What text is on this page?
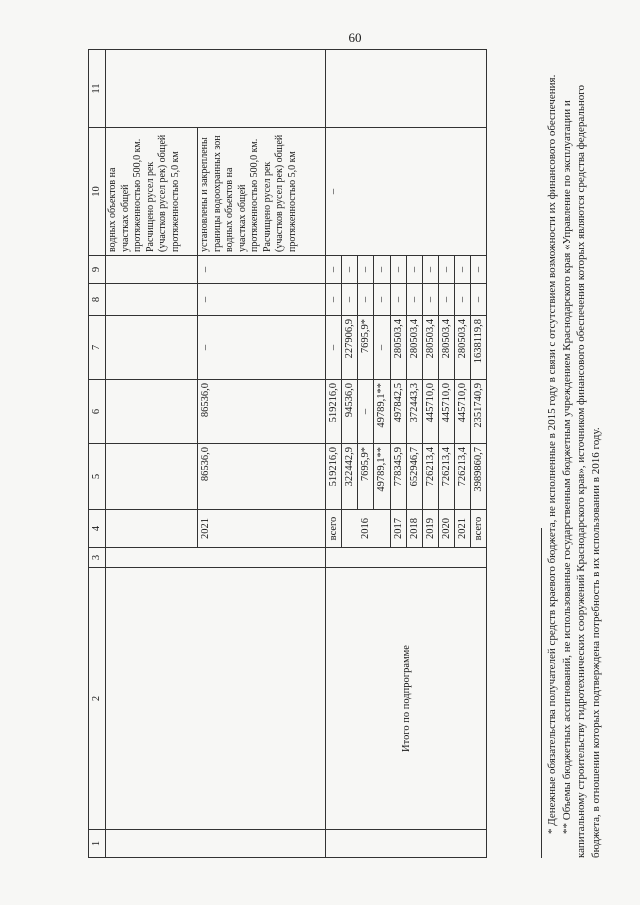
60
1	2	3	4	5	6	7	8	9	10	11
									водных объектов на участках общей протяженностью 500,0 км. Расчищено русел рек (участков русел рек) общей протяженностью 5,0 км	
			2021	86536,0	86536,0	–	–	–	установлены и закреплены границы водоохранных зон водных объектов на участках общей протяженностью 500,0 км. Расчищено русел рек (участков русел рек) общей протяженностью 5,0 км	
	Итого по подпрограмме		всего	519216,0	519216,0	–	–	–	–	
			2016	322442,9	94536,0	227906,9	–	–		
				7695,9*	–	7695,9*	–	–		
				49789,1**	49789,1**	–	–	–		
			2017	778345,9	497842,5	280503,4	–	–		
			2018	652946,7	372443,3	280503,4	–	–		
			2019	726213,4	445710,0	280503,4	–	–		
			2020	726213,4	445710,0	280503,4	–	–		
			2021	726213,4	445710,0	280503,4	–	–		
			всего	3989860,7	2351740,9	1638119,8	–	–			* Денежные обязательства получателей средств краевого бюджета, не исполненные в 2015 году в связи с отсутствием возможности их финансового обеспечения. ** Объемы бюджетных ассигнований, не использованные государственным бюджетным учреждением Краснодарского края «Управление по эксплуатации и капитальному строительству гидротехнических сооружений Краснодарского края», источником финансового обеспечения которых являются средства федерального бюджета, в отношении которых подтверждена потребность в их использовании в 2016 году.
